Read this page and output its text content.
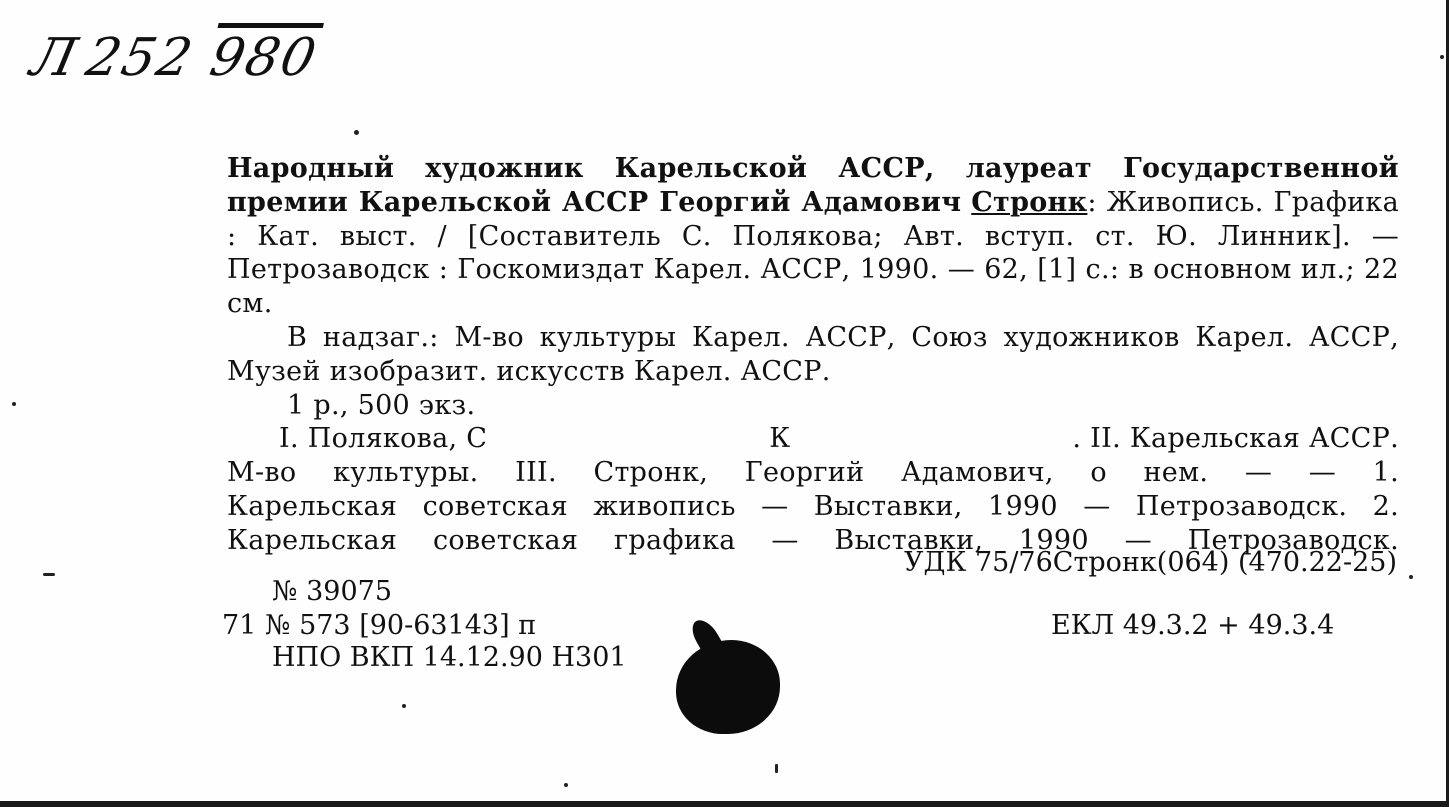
Л252 980
Народный художник Карельской АССР, лауреат Государственной премии Карельской АССР Георгий Адамович Стронк: Живопись. Графика : Кат. выст. / [Составитель С. Полякова; Авт. вступ. ст. Ю. Линник]. — Петрозаводск : Госкомиздат Карел. АССР, 1990. — 62, [1] с.: в основном ил.; 22 см.
В надзаг.: М-во культуры Карел. АССР, Союз художников Карел. АССР, Музей изобразит. искусств Карел. АССР.
1 р., 500 экз.
I. Полякова, С	К	. II. Карельская АССР.
М-во культуры. III. Стронк, Георгий Адамович, о нем. — — 1.
Карельская советская живопись — Выставки, 1990 — Петрозаводск. 2.
Карельская советская графика — Выставки, 1990 — Петрозаводск.
УДК 75/76Стронк(064) (470.22-25)
№ 39075
71 № 573 [90-63143] п	ЕКЛ 49.3.2 + 49.3.4
НПО ВКП 14.12.90 Н301
